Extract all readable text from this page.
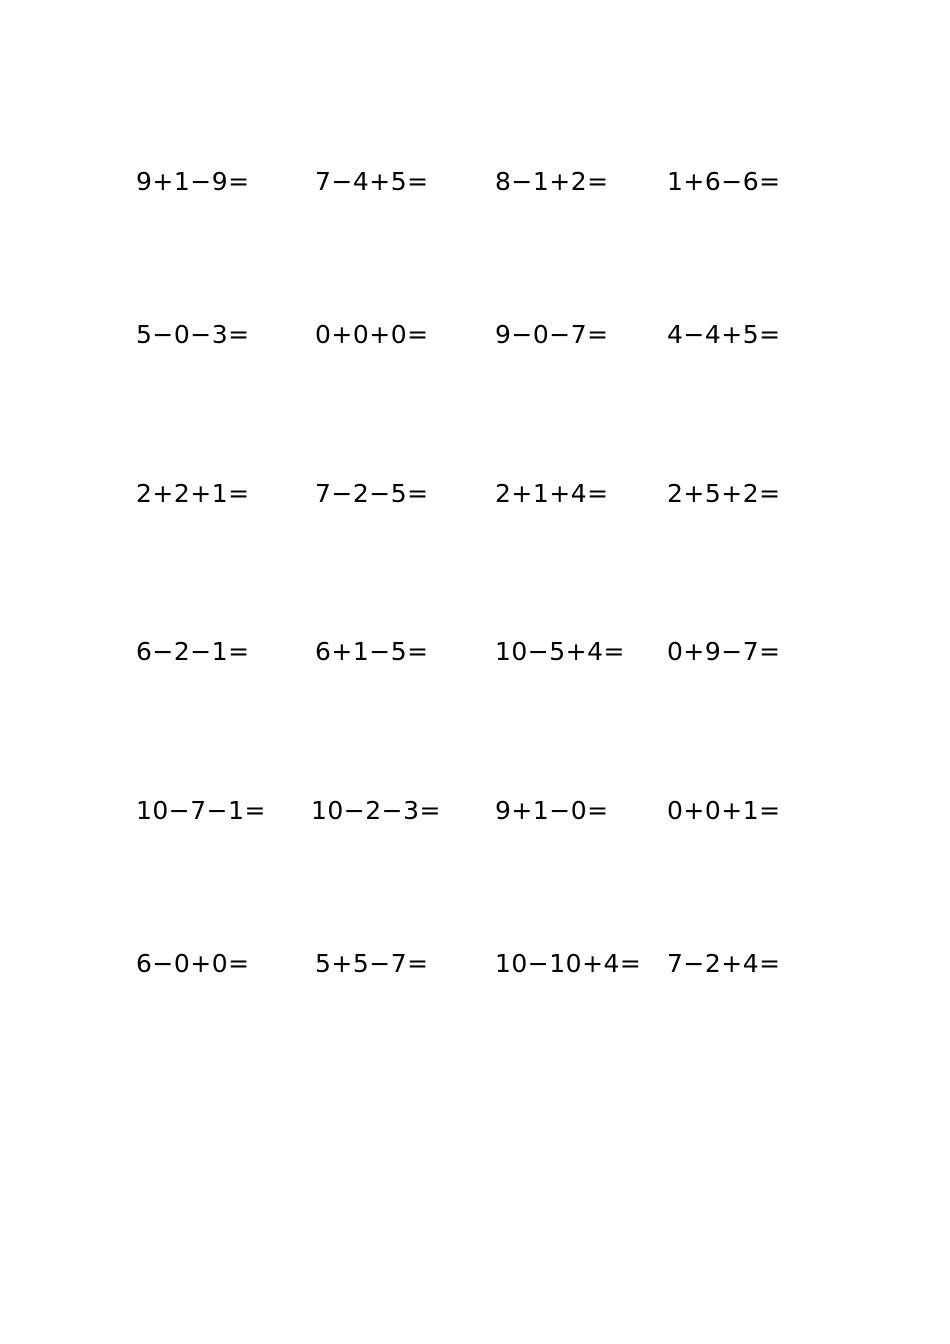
9+1−9=	7−4+5=	8−1+2= 1+6−6=
5−0−3=	0+0+0=	9−0−7= 4−4+5=
2+2+1=	7−2−5=	2+1+4= 2+5+2=
6−2−1=	6+1−5=	10−5+4= 0+9−7=
10−7−1= 10−2−3= 9+1−0= 0+0+1=
6−0+0=	5+5−7=	10−10+4= 7−2+4=
